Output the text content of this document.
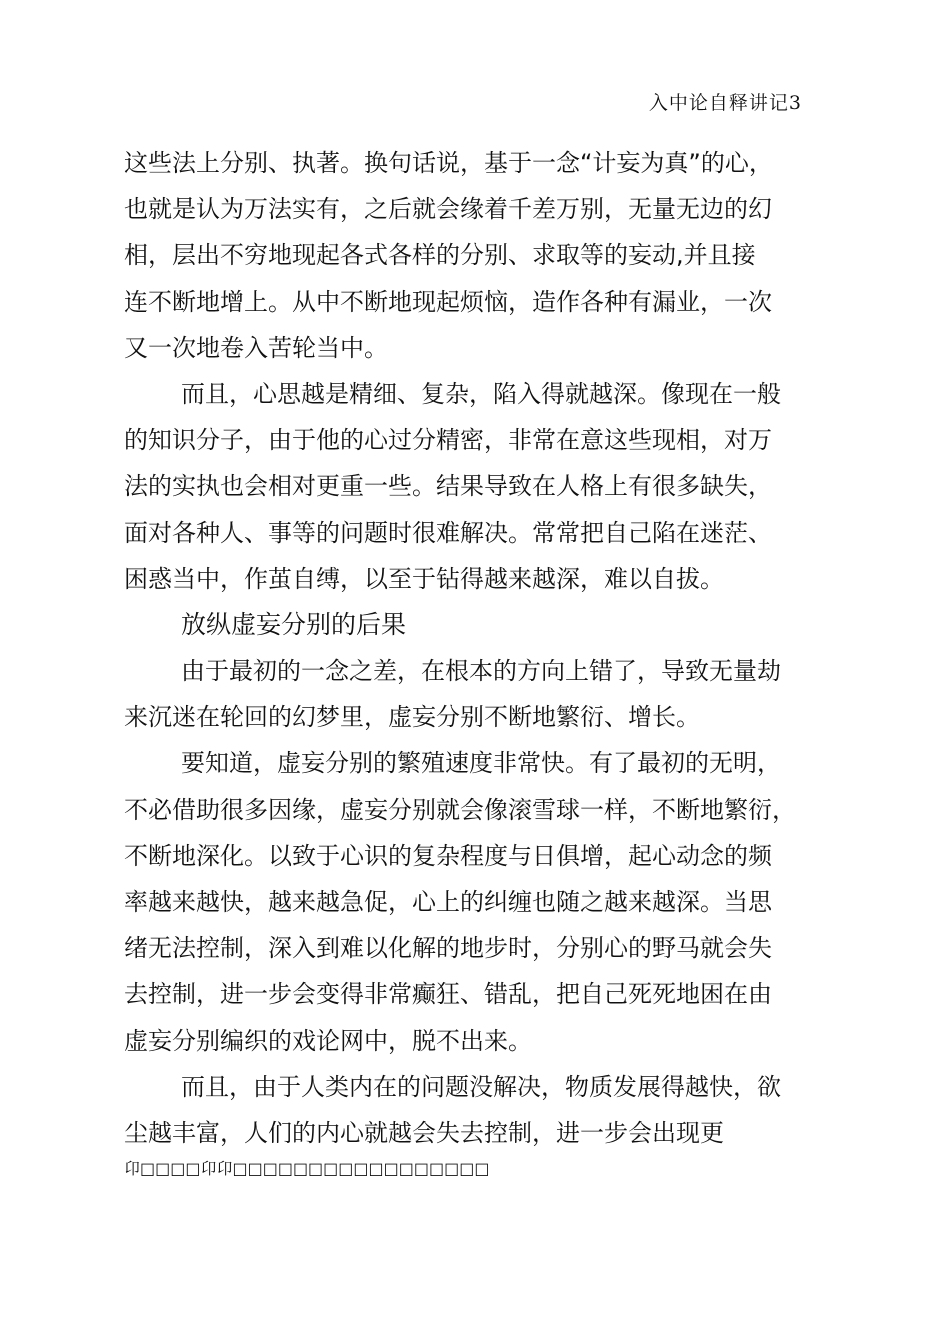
入中论自释讲记3
这些法上分别、执著。换句话说，基于一念“计妄为真”的心，
也就是认为万法实有，之后就会缘着千差万别，无量无边的幻
相，层出不穷地现起各式各样的分别、求取等的妄动,并且接
连不断地增上。从中不断地现起烦恼，造作各种有漏业，一次
又一次地卷入苦轮当中。
而且，心思越是精细、复杂，陷入得就越深。像现在一般
的知识分子，由于他的心过分精密，非常在意这些现相，对万
法的实执也会相对更重一些。结果导致在人格上有很多缺失，
面对各种人、事等的问题时很难解决。常常把自己陷在迷茫、
困惑当中，作茧自缚，以至于钻得越来越深，难以自拔。
放纵虚妄分别的后果
由于最初的一念之差，在根本的方向上错了，导致无量劫
来沉迷在轮回的幻梦里，虚妄分别不断地繁衍、增长。
要知道，虚妄分别的繁殖速度非常快。有了最初的无明，
不必借助很多因缘，虚妄分别就会像滚雪球一样，不断地繁衍，
不断地深化。以致于心识的复杂程度与日俱增，起心动念的频
率越来越快，越来越急促，心上的纠缠也随之越来越深。当思
绪无法控制，深入到难以化解的地步时，分别心的野马就会失
去控制，进一步会变得非常癫狂、错乱，把自己死死地困在由
虚妄分别编织的戏论网中，脱不出来。
而且，由于人类内在的问题没解决，物质发展得越快，欲
尘越丰富，人们的内心就越会失去控制，进一步会出现更
卬□□□□卬卬□□□□□□□□□□□□□□□□□
